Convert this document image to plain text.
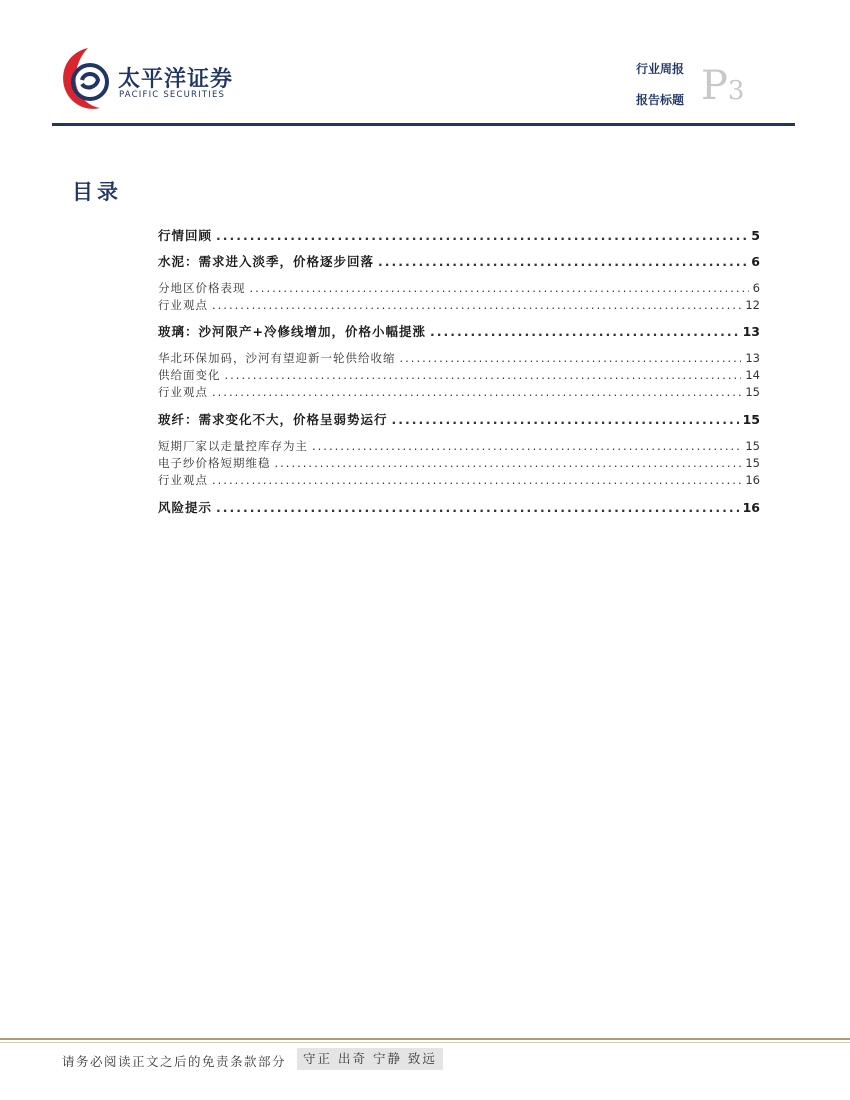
太平洋证券
PACIFIC SECURITIES
行业周报
报告标题 P3
目录
行情回顾 .....	5
水泥：需求进入淡季，价格逐步回落 .....	6
分地区价格表现 .....	6
行业观点 .....	12
玻璃：沙河限产+冷修线增加，价格小幅提涨 .....	13
华北环保加码，沙河有望迎新一轮供给收缩 .....	13
供给面变化 .....	14
行业观点 .....	15
玻纤：需求变化不大，价格呈弱势运行 .....	15
短期厂家以走量控库存为主 .....	15
电子纱价格短期维稳 .....	15
行业观点 .....	16
风险提示 .....	16
请务必阅读正文之后的免责条款部分	守正 出奇 宁静 致远
